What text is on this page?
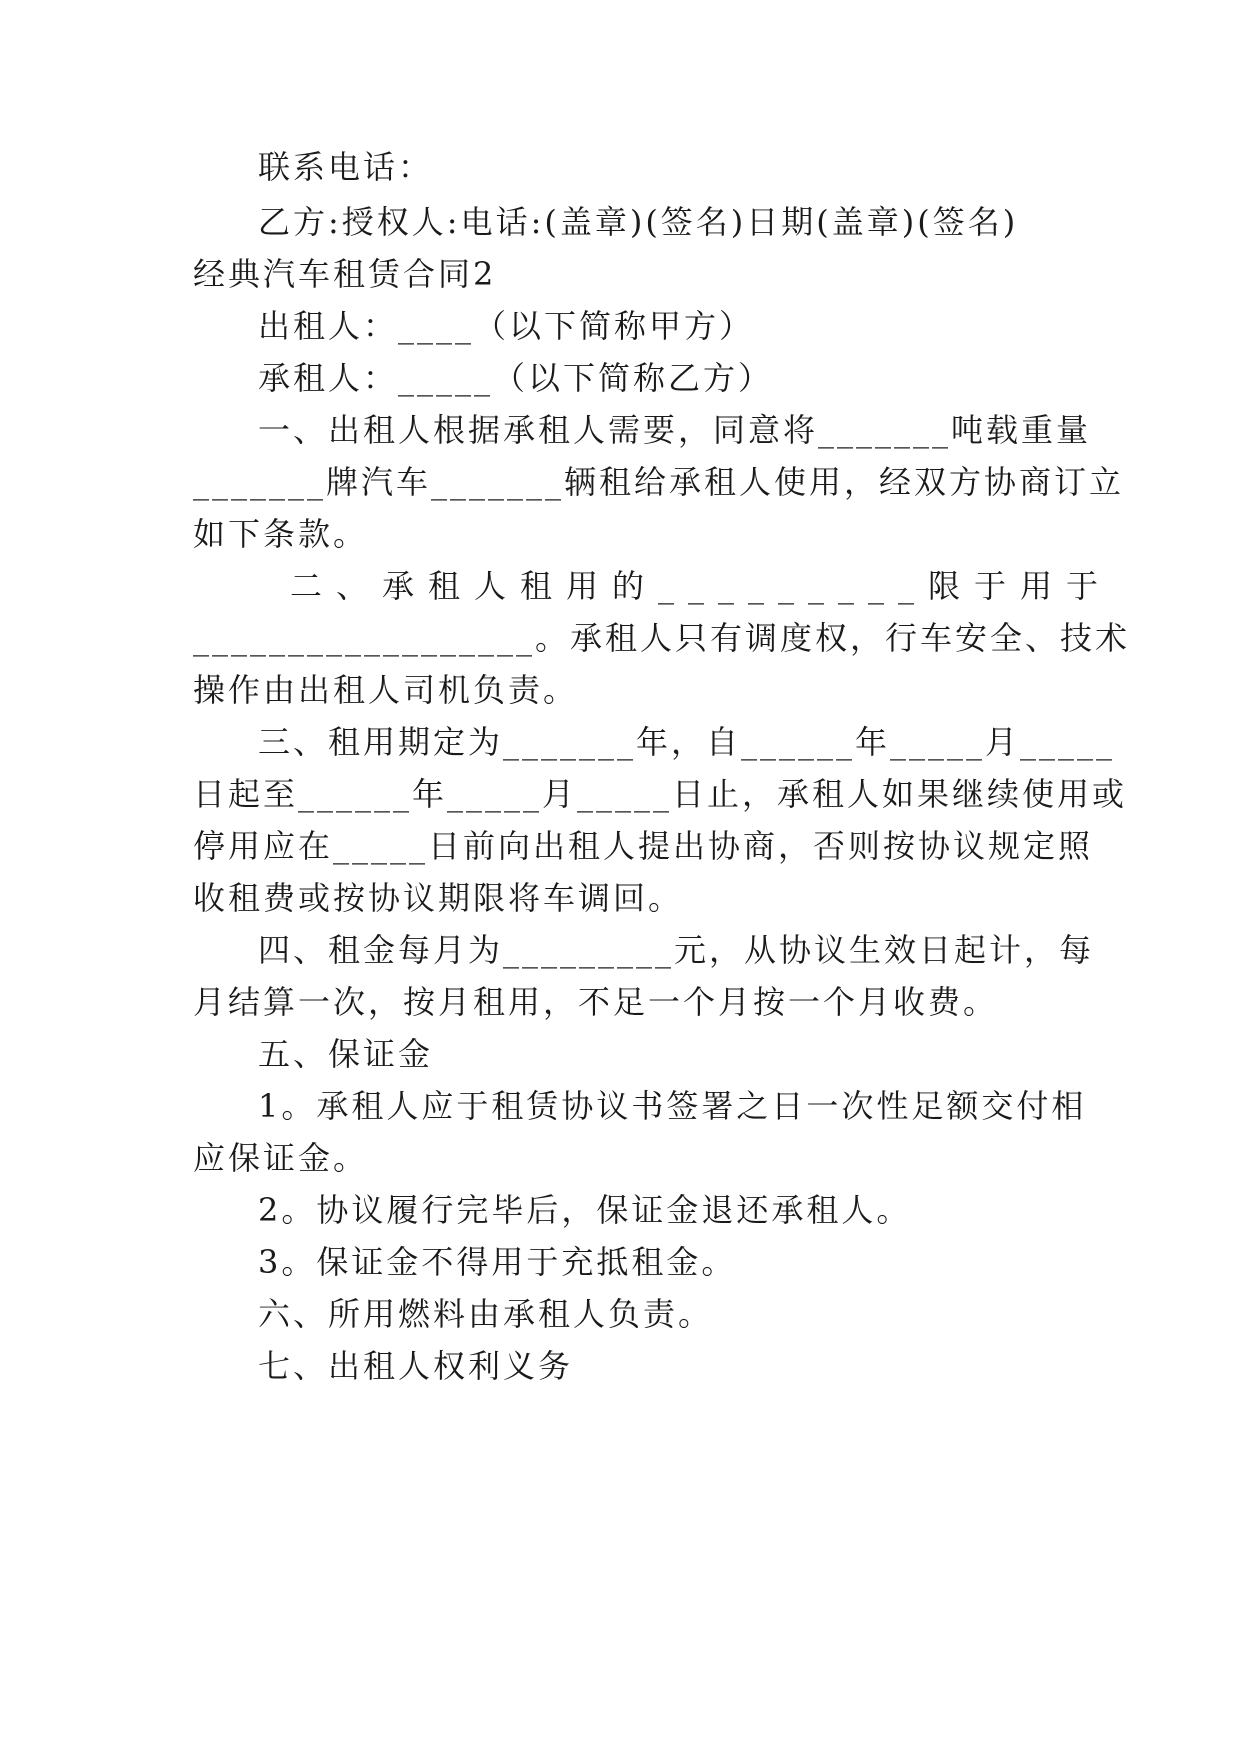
联系电话：
乙方:授权人:电话:(盖章)(签名)日期(盖章)(签名)
经典汽车租赁合同2
出租人：____（以下简称甲方）
承租人：_____（以下简称乙方）
一、出租人根据承租人需要，同意将_______吨载重量
_______牌汽车_______辆租给承租人使用，经双方协商订立
如下条款。
二、承租人租用的_________限于用于
__________________。承租人只有调度权，行车安全、技术
操作由出租人司机负责。
三、租用期定为_______年，自______年_____月_____
日起至______年_____月_____日止，承租人如果继续使用或
停用应在_____日前向出租人提出协商，否则按协议规定照
收租费或按协议期限将车调回。
四、租金每月为_________元，从协议生效日起计，每
月结算一次，按月租用，不足一个月按一个月收费。
五、保证金
1。承租人应于租赁协议书签署之日一次性足额交付相
应保证金。
2。协议履行完毕后，保证金退还承租人。
3。保证金不得用于充抵租金。
六、所用燃料由承租人负责。
七、出租人权利义务
